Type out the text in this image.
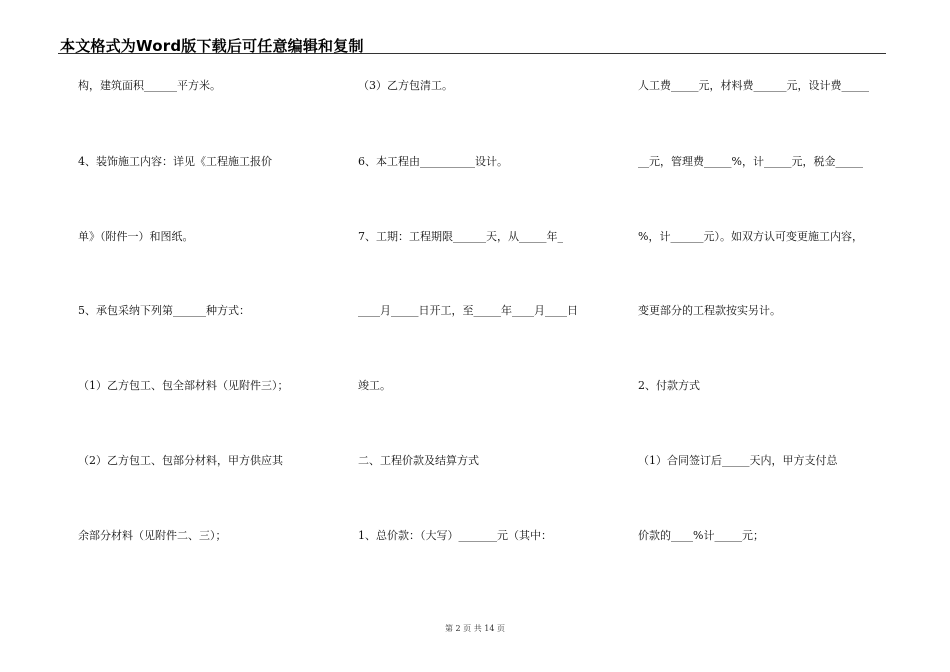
本文格式为Word版下载后可任意编辑和复制
构，建筑面积______平方米。
4、装饰施工内容：详见《工程施工报价
单》（附件一）和图纸。
5、承包采纳下列第______种方式：
（1）乙方包工、包全部材料（见附件三）；
（2）乙方包工、包部分材料，甲方供应其
余部分材料（见附件二、三）；
（3）乙方包清工。
6、本工程由__________设计。
7、工期：工程期限______天，从_____年_
____月_____日开工，至_____年____月____日
竣工。
二、工程价款及结算方式
1、总价款：（大写）_______元（其中：
人工费_____元，材料费______元，设计费_____
__元，管理费_____%，计_____元，税金_____
%，计______元）。如双方认可变更施工内容，
变更部分的工程款按实另计。
2、付款方式
（1）合同签订后_____天内，甲方支付总
价款的____%计_____元；
第 2 页 共 14 页
